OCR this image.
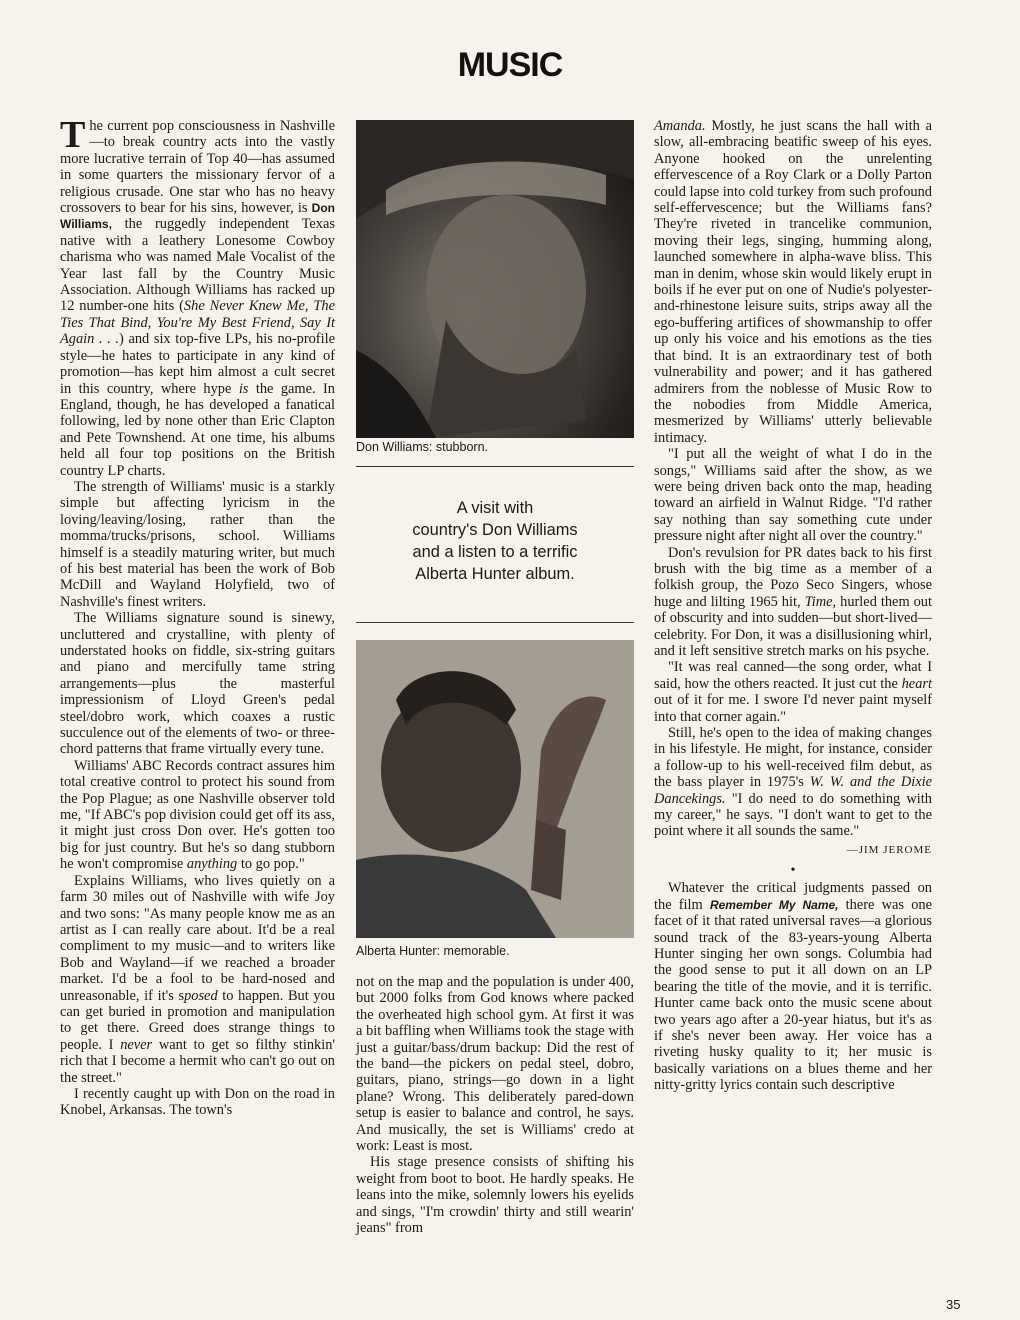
MUSIC

The current pop consciousness in Nashville—to break country acts into the vastly more lucrative terrain of Top 40—has assumed in some quarters the missionary fervor of a religious crusade. One star who has no heavy crossovers to bear for his sins, however, is Don Williams, the ruggedly independent Texas native with a leathery Lonesome Cowboy charisma who was named Male Vocalist of the Year last fall by the Country Music Association. Although Williams has racked up 12 number-one hits (She Never Knew Me, The Ties That Bind, You're My Best Friend, Say It Again . . .) and six top-five LPs, his no-profile style—he hates to participate in any kind of promotion—has kept him almost a cult secret in this country, where hype is the game. In England, though, he has developed a fanatical following, led by none other than Eric Clapton and Pete Townshend. At one time, his albums held all four top positions on the British country LP charts.

The strength of Williams' music is a starkly simple but affecting lyricism in the loving/leaving/losing, rather than the momma/trucks/prisons, school. Williams himself is a steadily maturing writer, but much of his best material has been the work of Bob McDill and Wayland Holyfield, two of Nashville's finest writers.

The Williams signature sound is sinewy, uncluttered and crystalline, with plenty of understated hooks on fiddle, six-string guitars and piano and mercifully tame string arrangements—plus the masterful impressionism of Lloyd Green's pedal steel/dobro work, which coaxes a rustic succulence out of the elements of two- or three-chord patterns that frame virtually every tune.

Williams' ABC Records contract assures him total creative control to protect his sound from the Pop Plague; as one Nashville observer told me, "If ABC's pop division could get off its ass, it might just cross Don over. He's gotten too big for just country. But he's so dang stubborn he won't compromise anything to go pop."

Explains Williams, who lives quietly on a farm 30 miles out of Nashville with wife Joy and two sons: "As many people know me as an artist as I can really care about. It'd be a real compliment to my music—and to writers like Bob and Wayland—if we reached a broader market. I'd be a fool to be hard-nosed and unreasonable, if it's sposed to happen. But you can get buried in promotion and manipulation to get there. Greed does strange things to people. I never want to get so filthy stinkin' rich that I become a hermit who can't go out on the street."

I recently caught up with Don on the road in Knobel, Arkansas. The town's

Don Williams: stubborn.
A visit with
country's Don Williams
and a listen to a terrific
Alberta Hunter album.
Alberta Hunter: memorable.

not on the map and the population is under 400, but 2000 folks from God knows where packed the overheated high school gym. At first it was a bit baffling when Williams took the stage with just a guitar/bass/drum backup: Did the rest of the band—the pickers on pedal steel, dobro, guitars, piano, strings—go down in a light plane? Wrong. This deliberately pared-down setup is easier to balance and control, he says. And musically, the set is Williams' credo at work: Least is most.

His stage presence consists of shifting his weight from boot to boot. He hardly speaks. He leans into the mike, solemnly lowers his eyelids and sings, "I'm crowdin' thirty and still wearin' jeans" from

Amanda. Mostly, he just scans the hall with a slow, all-embracing beatific sweep of his eyes. Anyone hooked on the unrelenting effervescence of a Roy Clark or a Dolly Parton could lapse into cold turkey from such profound self-effervescence; but the Williams fans? They're riveted in trancelike communion, moving their legs, singing, humming along, launched somewhere in alpha-wave bliss. This man in denim, whose skin would likely erupt in boils if he ever put on one of Nudie's polyester-and-rhinestone leisure suits, strips away all the ego-buffering artifices of showmanship to offer up only his voice and his emotions as the ties that bind. It is an extraordinary test of both vulnerability and power; and it has gathered admirers from the noblesse of Music Row to the nobodies from Middle America, mesmerized by Williams' utterly believable intimacy.

"I put all the weight of what I do in the songs," Williams said after the show, as we were being driven back onto the map, heading toward an airfield in Walnut Ridge. "I'd rather say nothing than say something cute under pressure night after night all over the country."

Don's revulsion for PR dates back to his first brush with the big time as a member of a folkish group, the Pozo Seco Singers, whose huge and lilting 1965 hit, Time, hurled them out of obscurity and into sudden—but short-lived—celebrity. For Don, it was a disillusioning whirl, and it left sensitive stretch marks on his psyche.

"It was real canned—the song order, what I said, how the others reacted. It just cut the heart out of it for me. I swore I'd never paint myself into that corner again."

Still, he's open to the idea of making changes in his lifestyle. He might, for instance, consider a follow-up to his well-received film debut, as the bass player in 1975's W. W. and the Dixie Dancekings. "I do need to do something with my career," he says. "I don't want to get to the point where it all sounds the same."

—JIM JEROME
•

Whatever the critical judgments passed on the film Remember My Name, there was one facet of it that rated universal raves—a glorious sound track of the 83-years-young Alberta Hunter singing her own songs. Columbia had the good sense to put it all down on an LP bearing the title of the movie, and it is terrific. Hunter came back onto the music scene about two years ago after a 20-year hiatus, but it's as if she's never been away. Her voice has a riveting husky quality to it; her music is basically variations on a blues theme and her nitty-gritty lyrics contain such descriptive

35
